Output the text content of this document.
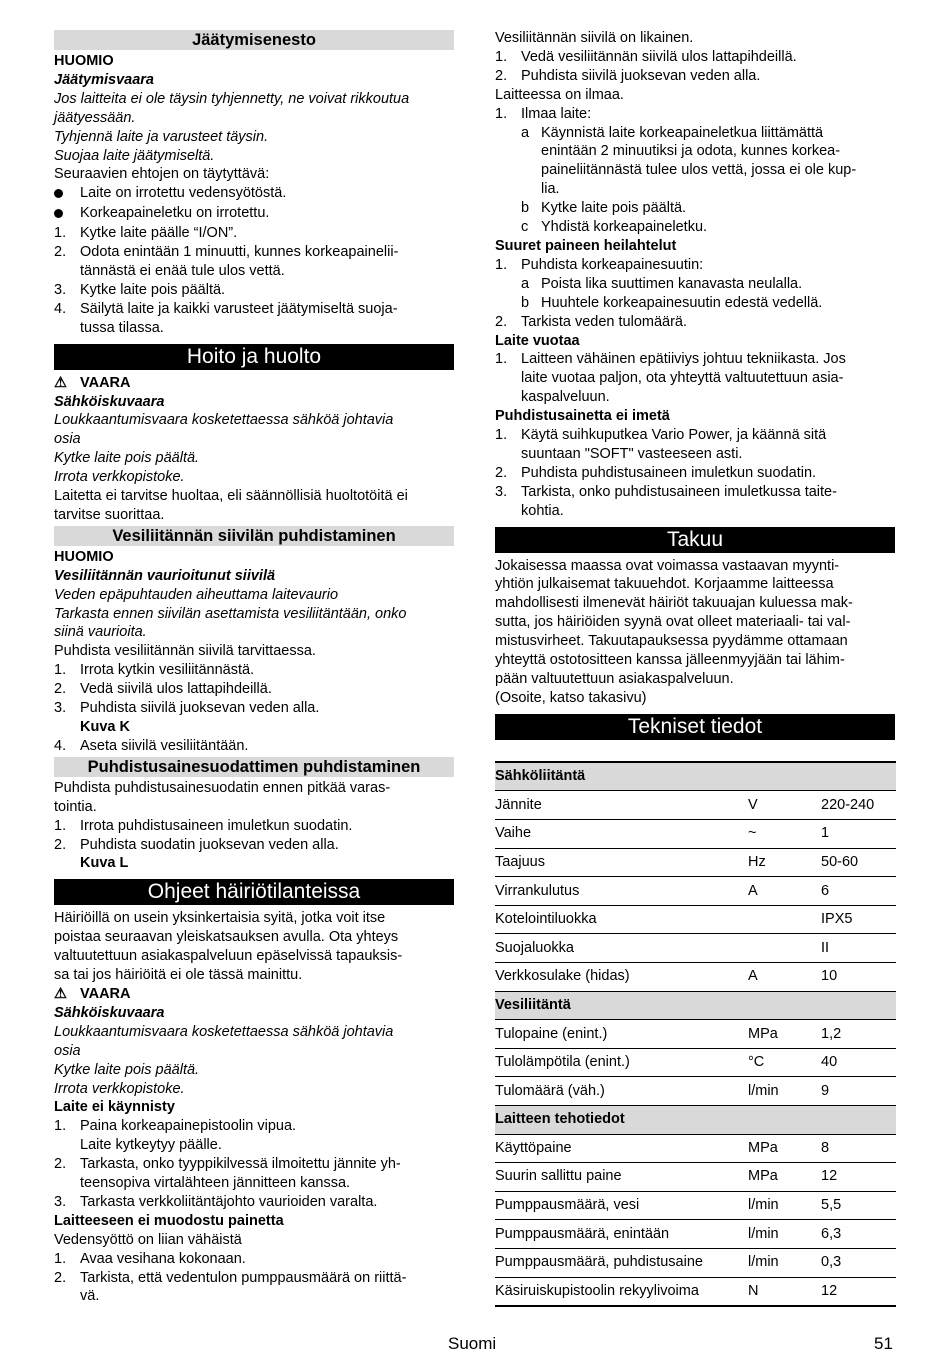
Jäätymisenesto
HUOMIO
Jäätymisvaara
Jos laitteita ei ole täysin tyhjennetty, ne voivat rikkoutua
jäätyessään.
Tyhjennä laite ja varusteet täysin.
Suojaa laite jäätymiseltä.
Seuraavien ehtojen on täytyttävä:
Laite on irrotettu vedensyötöstä.
Korkeapaineletku on irrotettu.
1. Kytke laite päälle “I/ON”.
2. Odota enintään 1 minuutti, kunnes korkeapainelii-
tännästä ei enää tule ulos vettä.
3. Kytke laite pois päältä.
4. Säilytä laite ja kaikki varusteet jäätymiseltä suoja-
tussa tilassa.
Hoito ja huolto
⚠ VAARA
Sähköiskuvaara
Loukkaantumisvaara kosketettaessa sähköä johtavia
osia
Kytke laite pois päältä.
Irrota verkkopistoke.
Laitetta ei tarvitse huoltaa, eli säännöllisiä huoltotöitä ei
tarvitse suorittaa.
Vesiliitännän siivilän puhdistaminen
HUOMIO
Vesiliitännän vaurioitunut siivilä
Veden epäpuhtauden aiheuttama laitevaurio
Tarkasta ennen siivilän asettamista vesiliitäntään, onko
siinä vaurioita.
Puhdista vesiliitännän siivilä tarvittaessa.
1. Irrota kytkin vesiliitännästä.
2. Vedä siivilä ulos lattapihdeillä.
3. Puhdista siivilä juoksevan veden alla.
Kuva K
4. Aseta siivilä vesiliitäntään.
Puhdistusainesuodattimen puhdistaminen
Puhdista puhdistusainesuodatin ennen pitkää varas-
tointia.
1. Irrota puhdistusaineen imuletkun suodatin.
2. Puhdista suodatin juoksevan veden alla.
Kuva L
Ohjeet häiriötilanteissa
Häiriöillä on usein yksinkertaisia syitä, jotka voit itse
poistaa seuraavan yleiskatsauksen avulla. Ota yhteys
valtuutettuun asiakaspalveluun epäselvissä tapauksis-
sa tai jos häiriöitä ei ole tässä mainittu.
⚠ VAARA
Sähköiskuvaara
Loukkaantumisvaara kosketettaessa sähköä johtavia
osia
Kytke laite pois päältä.
Irrota verkkopistoke.
Laite ei käynnisty
1. Paina korkeapainepistoolin vipua.
Laite kytkeytyy päälle.
2. Tarkasta, onko tyyppikilvessä ilmoitettu jännite yh-
teensopiva virtalähteen jännitteen kanssa.
3. Tarkasta verkkoliitäntäjohto vaurioiden varalta.
Laitteeseen ei muodostu painetta
Vedensyöttö on liian vähäistä
1. Avaa vesihana kokonaan.
2. Tarkista, että vedentulon pumppausmäärä on riittä-
vä.
Vesiliitännän siivilä on likainen.
1. Vedä vesiliitännän siivilä ulos lattapihdeillä.
2. Puhdista siivilä juoksevan veden alla.
Laitteessa on ilmaa.
1. Ilmaa laite:
a Käynnistä laite korkeapaineletkua liittämättä
enintään 2 minuutiksi ja odota, kunnes korkea-
paineliitännästä tulee ulos vettä, jossa ei ole kup-
lia.
b Kytke laite pois päältä.
c Yhdistä korkeapaineletku.
Suuret paineen heilahtelut
1. Puhdista korkeapainesuutin:
a Poista lika suuttimen kanavasta neulalla.
b Huuhtele korkeapainesuutin edestä vedellä.
2. Tarkista veden tulomäärä.
Laite vuotaa
1. Laitteen vähäinen epätiiviys johtuu tekniikasta. Jos
laite vuotaa paljon, ota yhteyttä valtuutettuun asia-
kaspalveluun.
Puhdistusainetta ei imetä
1. Käytä suihkuputkea Vario Power, ja käännä sitä
suuntaan "SOFT" vasteeseen asti.
2. Puhdista puhdistusaineen imuletkun suodatin.
3. Tarkista, onko puhdistusaineen imuletkussa taite-
kohtia.
Takuu
Jokaisessa maassa ovat voimassa vastaavan myynti-
yhtiön julkaisemat takuuehdot. Korjaamme laitteessa
mahdollisesti ilmenevät häiriöt takuuajan kuluessa mak-
sutta, jos häiriöiden syynä ovat olleet materiaali- tai val-
mistusvirheet. Takuutapauksessa pyydämme ottamaan
yhteyttä ostotositteen kanssa jälleenmyyjään tai lähim-
pään valtuutettuun asiakaspalveluun.
(Osoite, katso takasivu)
Tekniset tiedot
Sähköliitäntä		
Jännite	V	220-240
Vaihe	~	1
Taajuus	Hz	50-60
Virrankulutus	A	6
Kotelointiluokka		IPX5
Suojaluokka		II
Verkkosulake (hidas)	A	10
Vesiliitäntä		
Tulopaine (enint.)	MPa	1,2
Tulolämpötila (enint.)	°C	40
Tulomäärä (väh.)	l/min	9
Laitteen tehotiedot		
Käyttöpaine	MPa	8
Suurin sallittu paine	MPa	12
Pumppausmäärä, vesi	l/min	5,5
Pumppausmäärä, enintään	l/min	6,3
Pumppausmäärä, puhdistusaine	l/min	0,3
Käsiruiskupistoolin rekyylivoima	N	12
Suomi	51
